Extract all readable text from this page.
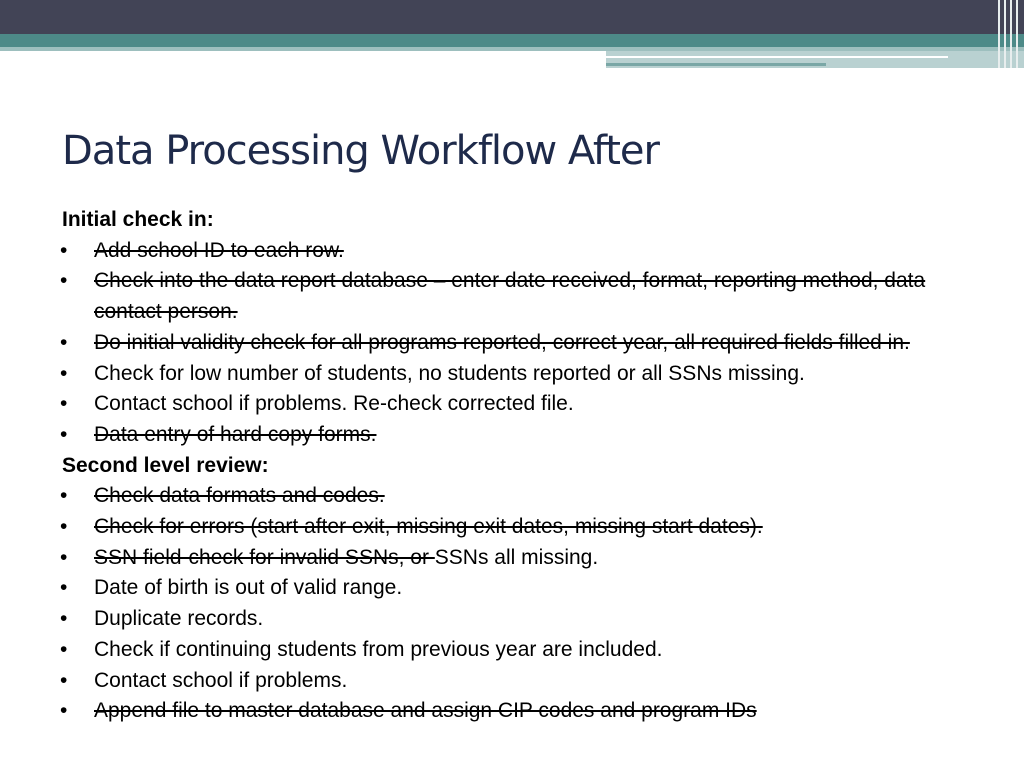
Data Processing Workflow After
Initial check in:
• Add school ID to each row.
• Check into the data report database – enter date received, format, reporting method, data contact person.
• Do initial validity check for all programs reported, correct year, all required fields filled in.
• Check for low number of students, no students reported or all SSNs missing.
• Contact school if problems. Re-check corrected file.
• Data entry of hard copy forms.
Second level review:
• Check data formats and codes.
• Check for errors (start after exit, missing exit dates, missing start dates).
• SSN field-check for invalid SSNs, or SSNs all missing.
• Date of birth is out of valid range.
• Duplicate records.
• Check if continuing students from previous year are included.
• Contact school if problems.
• Append file to master database and assign CIP codes and program IDs
